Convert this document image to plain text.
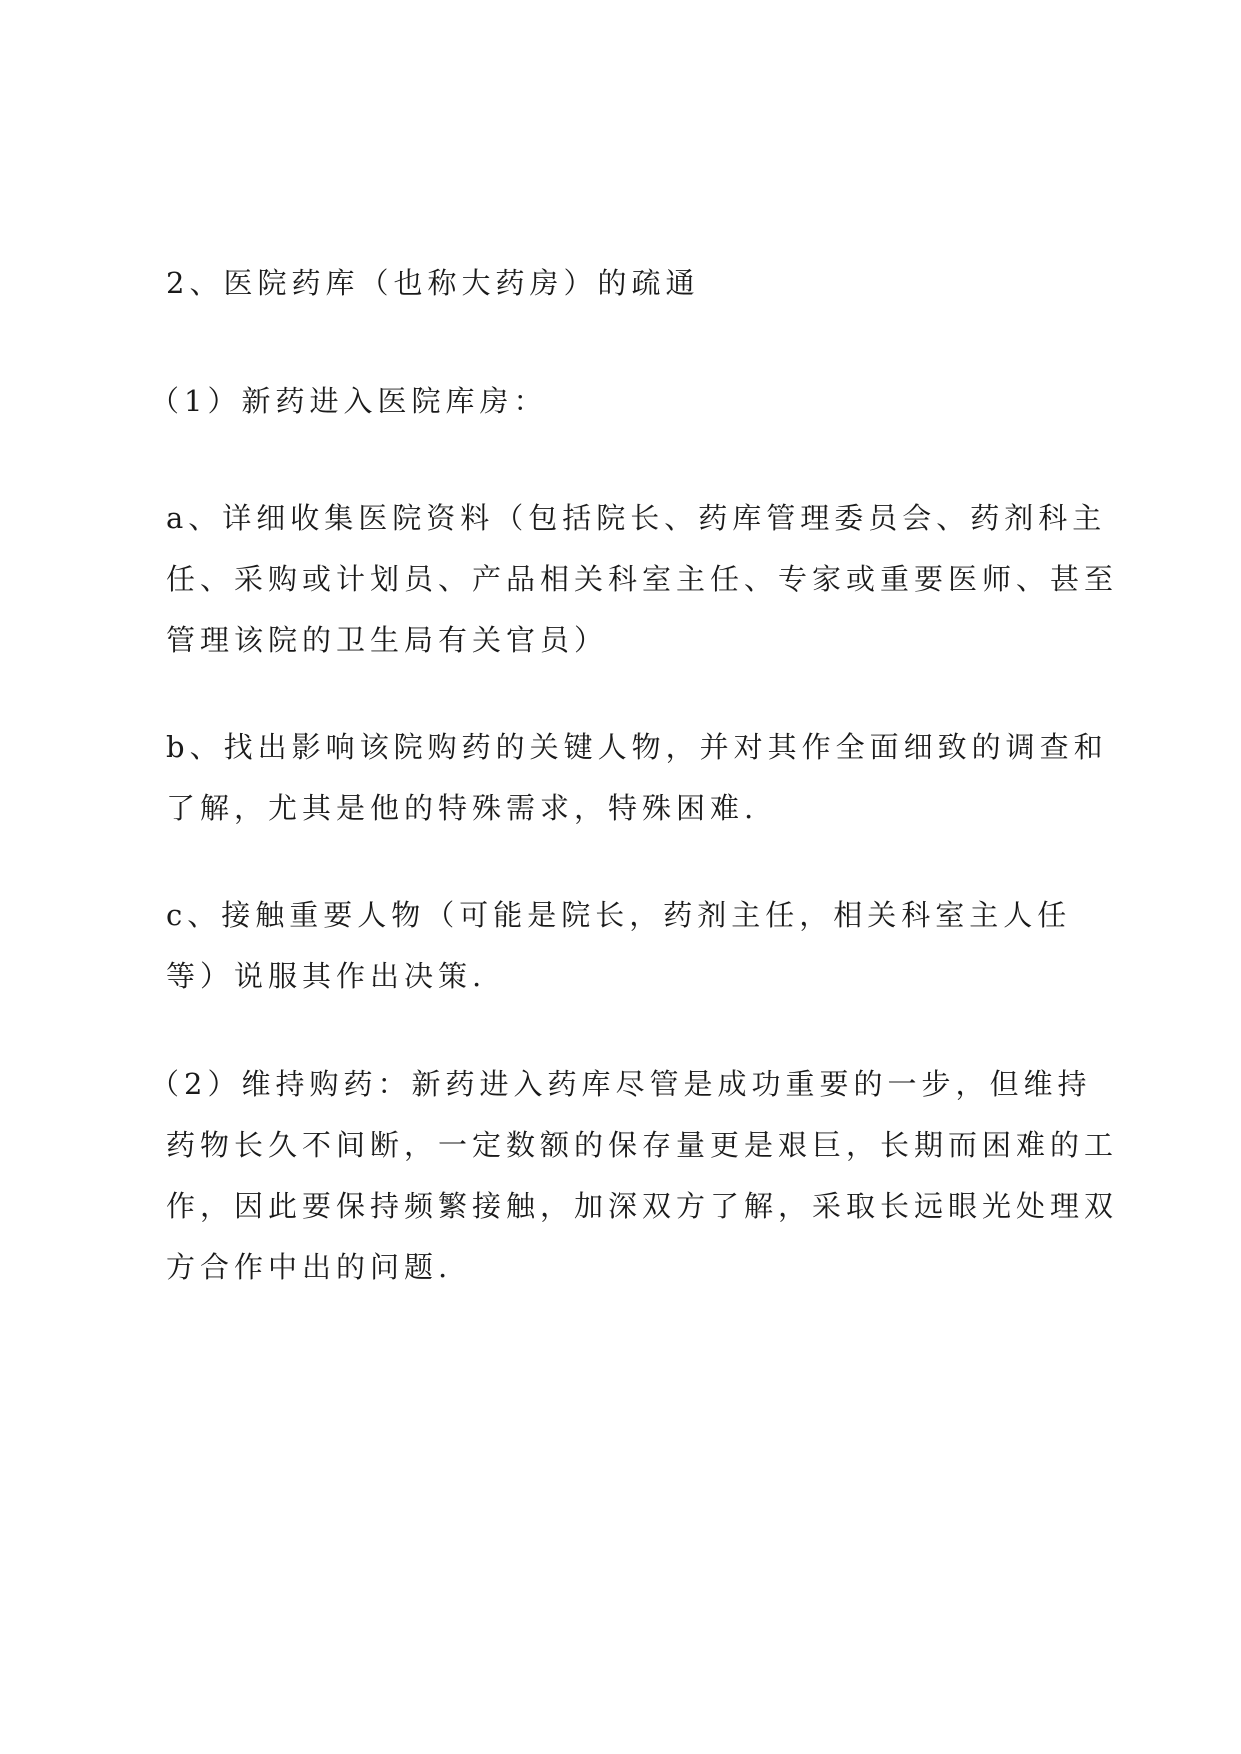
2、医院药库（也称大药房）的疏通

（1）新药进入医院库房：

a、详细收集医院资料（包括院长、药库管理委员会、药剂科主
任、采购或计划员、产品相关科室主任、专家或重要医师、甚至
管理该院的卫生局有关官员）

b、找出影响该院购药的关键人物，并对其作全面细致的调查和
了解，尤其是他的特殊需求，特殊困难.

c、接触重要人物（可能是院长，药剂主任，相关科室主人任
等）说服其作出决策.

（2）维持购药：新药进入药库尽管是成功重要的一步，但维持
药物长久不间断，一定数额的保存量更是艰巨，长期而困难的工
作，因此要保持频繁接触，加深双方了解，采取长远眼光处理双
方合作中出的问题.
